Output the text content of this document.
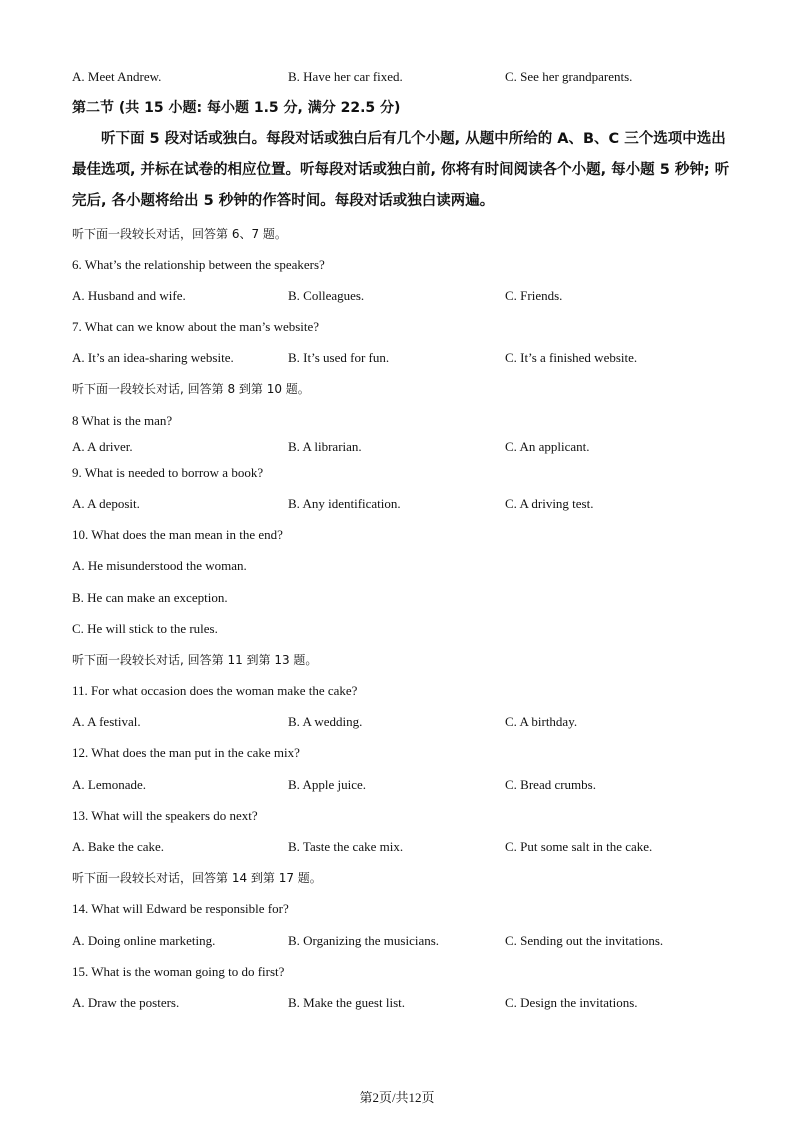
A. Meet Andrew.	B. Have her car fixed.	C. See her grandparents.
第二节 (共 15 小题: 每小题 1.5 分, 满分 22.5 分)
听下面 5 段对话或独白。每段对话或独白后有几个小题, 从题中所给的 A、B、C 三个选项中选出最佳选项, 并标在试卷的相应位置。听每段对话或独白前, 你将有时间阅读各个小题, 每小题 5 秒钟; 听完后, 各小题将给出 5 秒钟的作答时间。每段对话或独白读两遍。
听下面一段较长对话，回答第 6、7 题。
6. What’s the relationship between the speakers?
A. Husband and wife.	B. Colleagues.	C. Friends.
7. What can we know about the man’s website?
A. It’s an idea-sharing website.	B. It’s used for fun.	C. It’s a finished website.
听下面一段较长对话, 回答第 8 到第 10 题。
8 What is the man?
A. A driver.	B. A librarian.	C. An applicant.
9. What is needed to borrow a book?
A. A deposit.	B. Any identification.	C. A driving test.
10. What does the man mean in the end?
A. He misunderstood the woman.
B. He can make an exception.
C. He will stick to the rules.
听下面一段较长对话, 回答第 11 到第 13 题。
11. For what occasion does the woman make the cake?
A. A festival.	B. A wedding.	C. A birthday.
12. What does the man put in the cake mix?
A. Lemonade.	B. Apple juice.	C. Bread crumbs.
13. What will the speakers do next?
A. Bake the cake.	B. Taste the cake mix.	C. Put some salt in the cake.
听下面一段较长对话，回答第 14 到第 17 题。
14. What will Edward be responsible for?
A. Doing online marketing.	B. Organizing the musicians.	C. Sending out the invitations.
15. What is the woman going to do first?
A. Draw the posters.	B. Make the guest list.	C. Design the invitations.
第2页/共12页
